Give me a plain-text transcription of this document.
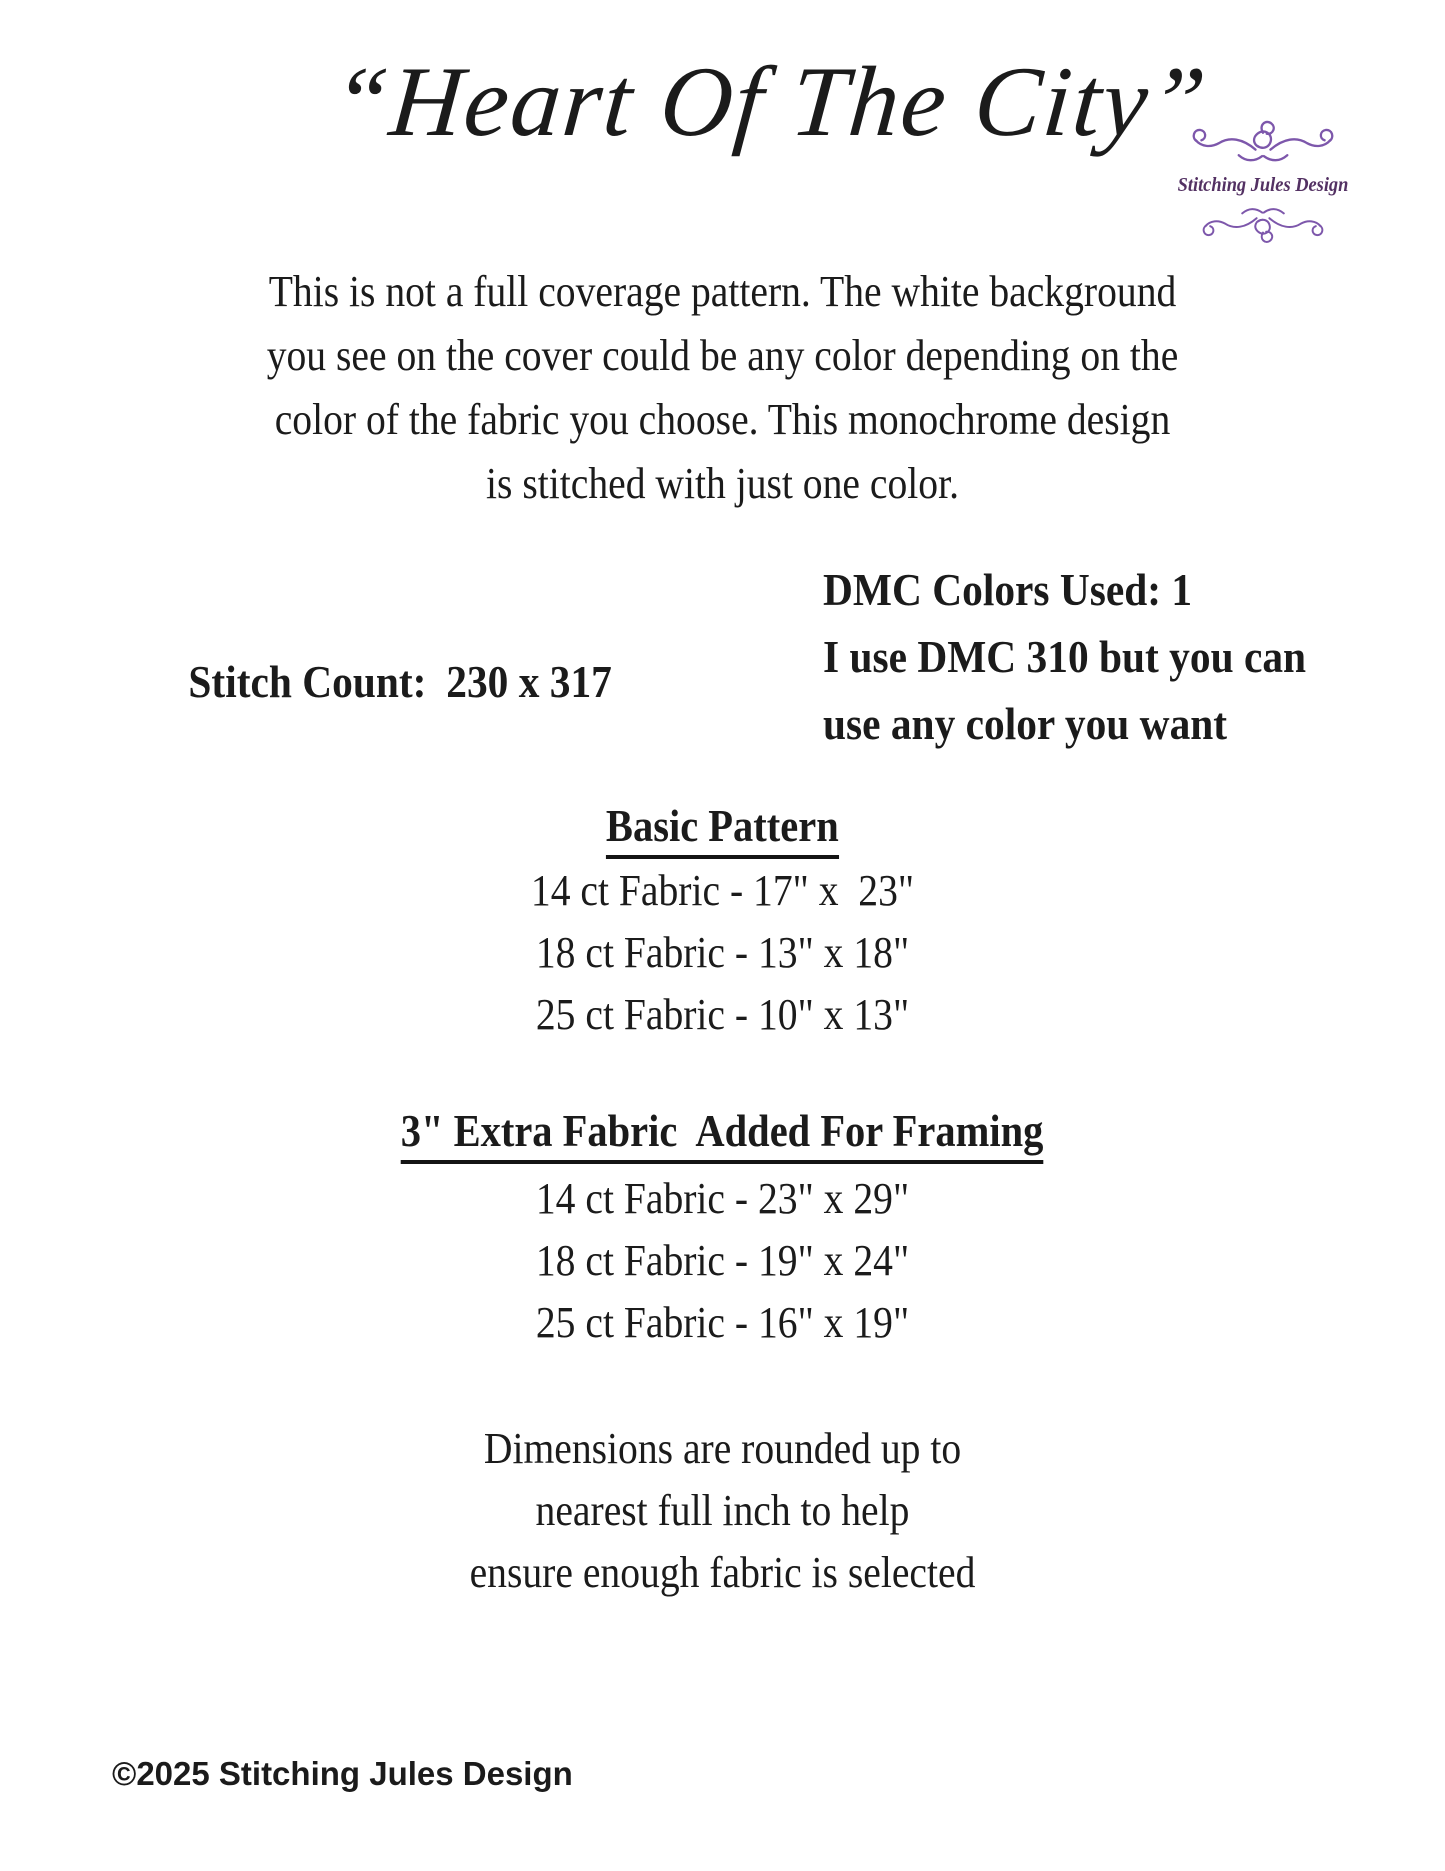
“Heart Of The City”
Stitching Jules Design
This is not a full coverage pattern. The white background
you see on the cover could be any color depending on the
color of the fabric you choose. This monochrome design
is stitched with just one color.

Stitch Count: 230 x 317

DMC Colors Used: 1
I use DMC 310 but you can
use any color you want
Basic Pattern
14 ct Fabric - 17" x  23"
18 ct Fabric - 13" x 18"
25 ct Fabric - 10" x 13"
3" Extra Fabric  Added For Framing
14 ct Fabric - 23" x 29"
18 ct Fabric - 19" x 24"
25 ct Fabric - 16" x 19"
Dimensions are rounded up to
nearest full inch to help
ensure enough fabric is selected
©2025 Stitching Jules Design
